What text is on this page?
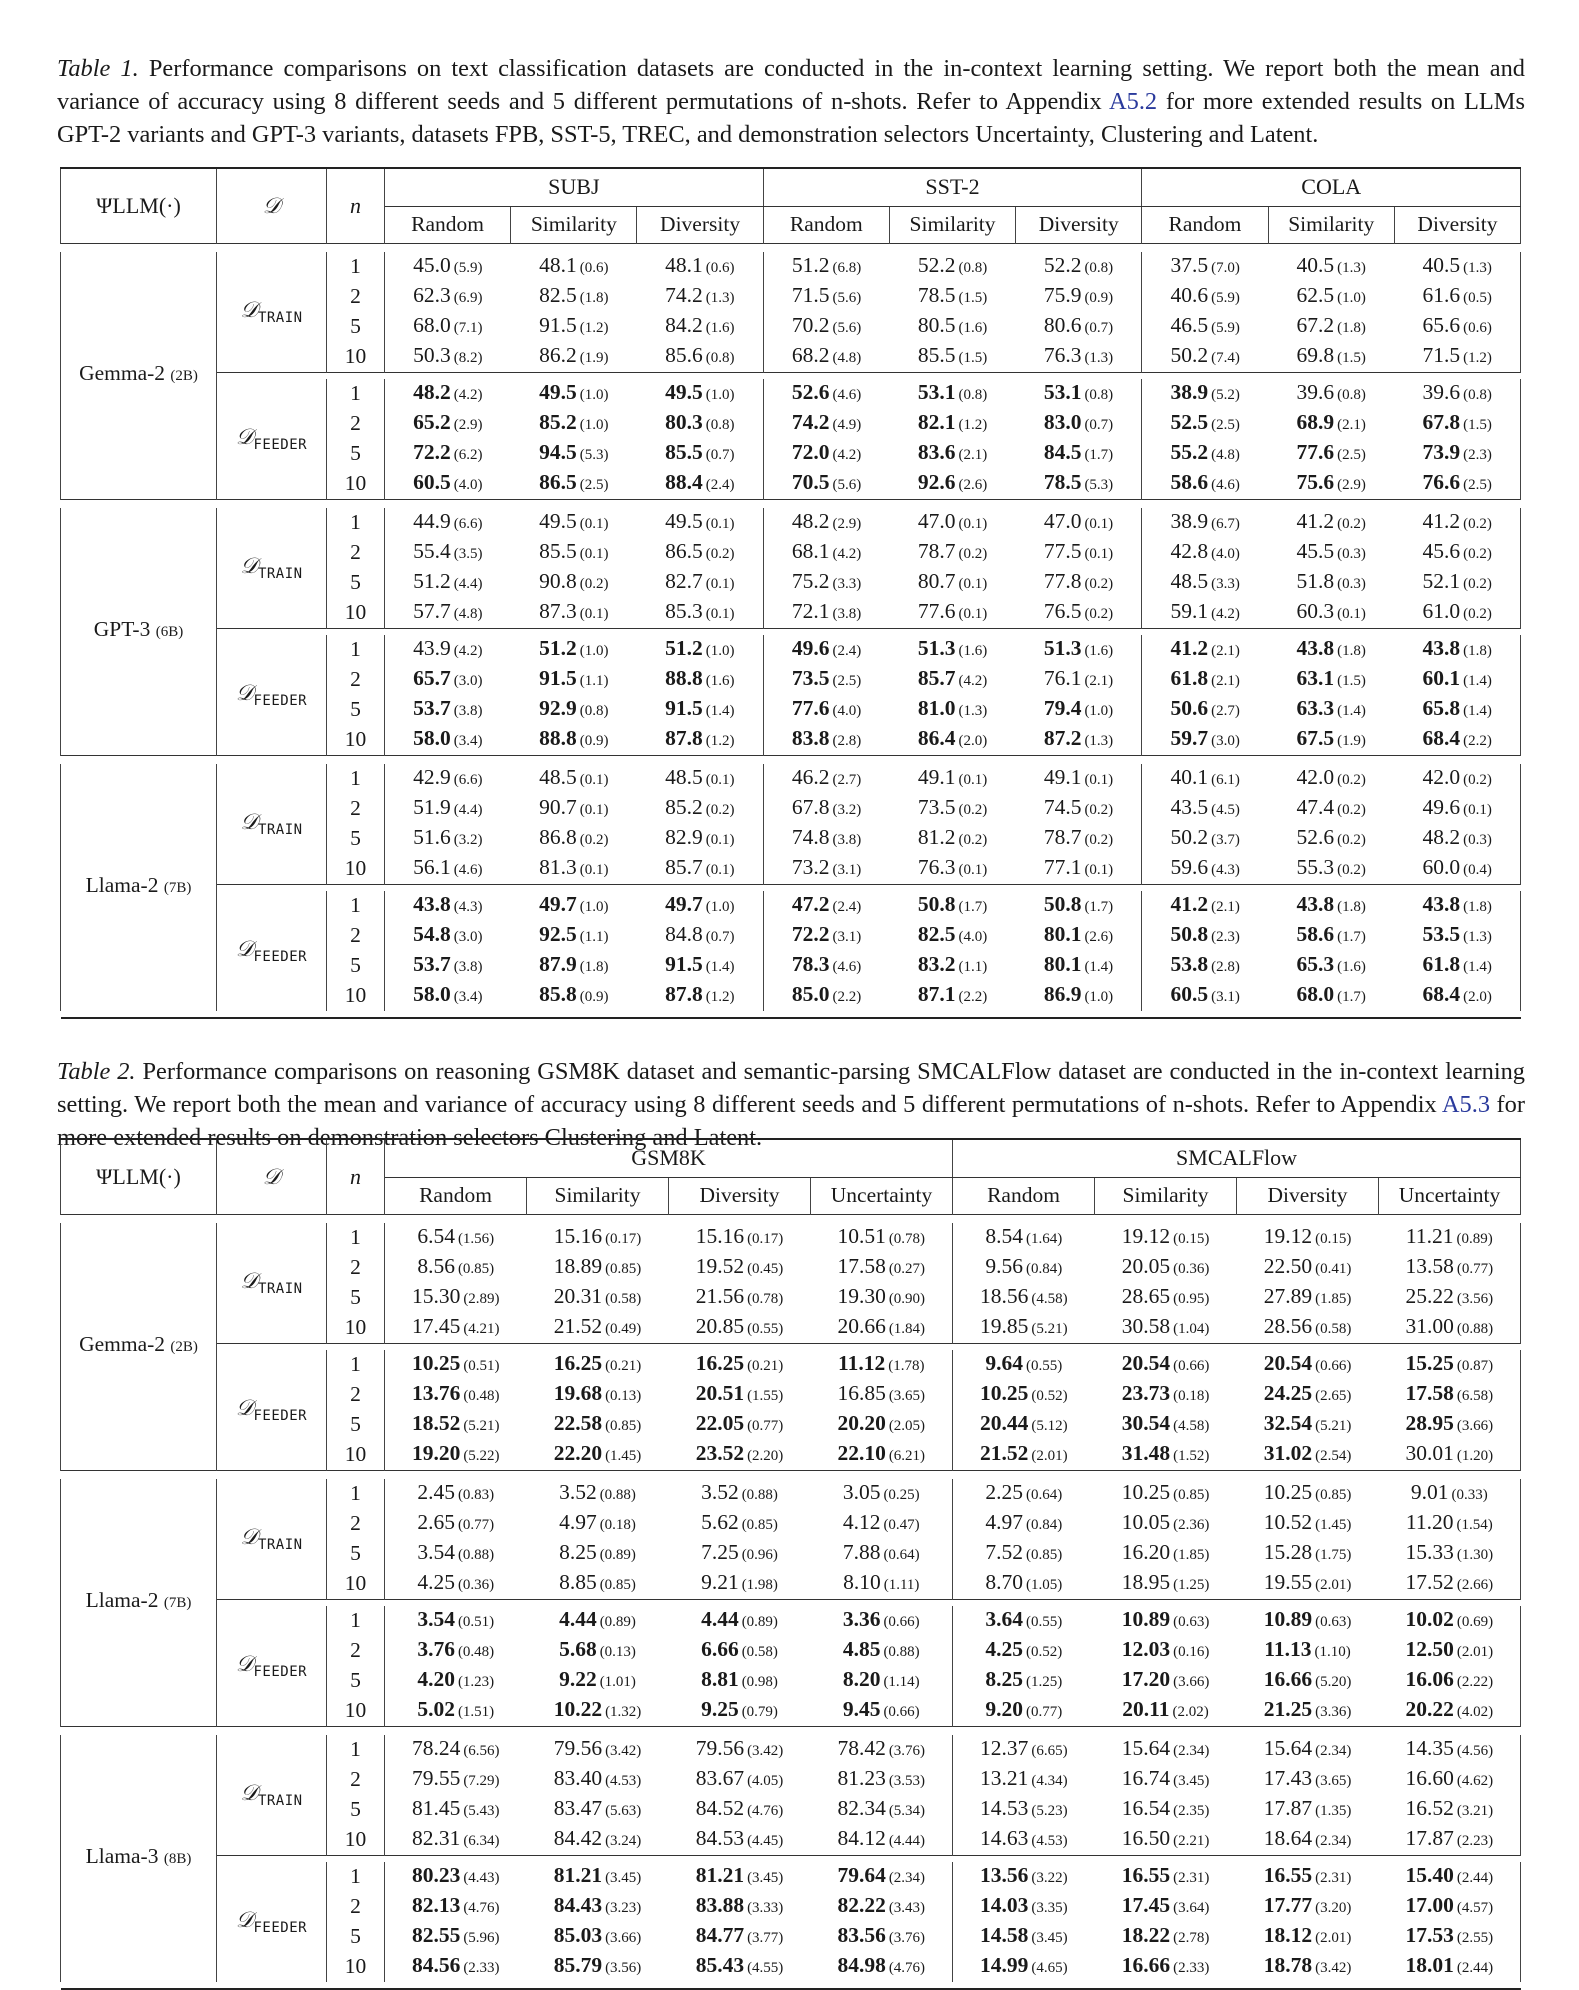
Table 1. Performance comparisons on text classification datasets are conducted in the in-context learning setting. We report both the mean and variance of accuracy using 8 different seeds and 5 different permutations of n-shots. Refer to Appendix A5.2 for more extended results on LLMs GPT-2 variants and GPT-3 variants, datasets FPB, SST-5, TREC, and demonstration selectors Uncertainty, Clustering and Latent.

ΨLLM(·)	𝒟	n	SUBJ			SST-2			COLA		
			Random	Similarity	Diversity	Random	Similarity	Diversity	Random	Similarity	Diversity

Gemma-2 (2B)	𝒟$_{TRAIN}$	1	45.0 (5.9)	48.1 (0.6)	48.1 (0.6)	51.2 (6.8)	52.2 (0.8)	52.2 (0.8)	37.5 (7.0)	40.5 (1.3)	40.5 (1.3)
		2	62.3 (6.9)	82.5 (1.8)	74.2 (1.3)	71.5 (5.6)	78.5 (1.5)	75.9 (0.9)	40.6 (5.9)	62.5 (1.0)	61.6 (0.5)
		5	68.0 (7.1)	91.5 (1.2)	84.2 (1.6)	70.2 (5.6)	80.5 (1.6)	80.6 (0.7)	46.5 (5.9)	67.2 (1.8)	65.6 (0.6)
		10	50.3 (8.2)	86.2 (1.9)	85.6 (0.8)	68.2 (4.8)	85.5 (1.5)	76.3 (1.3)	50.2 (7.4)	69.8 (1.5)	71.5 (1.2)

	𝒟$_{FEEDER}$	1	48.2 (4.2)	49.5 (1.0)	49.5 (1.0)	52.6 (4.6)	53.1 (0.8)	53.1 (0.8)	38.9 (5.2)	39.6 (0.8)	39.6 (0.8)
		2	65.2 (2.9)	85.2 (1.0)	80.3 (0.8)	74.2 (4.9)	82.1 (1.2)	83.0 (0.7)	52.5 (2.5)	68.9 (2.1)	67.8 (1.5)
		5	72.2 (6.2)	94.5 (5.3)	85.5 (0.7)	72.0 (4.2)	83.6 (2.1)	84.5 (1.7)	55.2 (4.8)	77.6 (2.5)	73.9 (2.3)
		10	60.5 (4.0)	86.5 (2.5)	88.4 (2.4)	70.5 (5.6)	92.6 (2.6)	78.5 (5.3)	58.6 (4.6)	75.6 (2.9)	76.6 (2.5)

GPT-3 (6B)	𝒟$_{TRAIN}$	1	44.9 (6.6)	49.5 (0.1)	49.5 (0.1)	48.2 (2.9)	47.0 (0.1)	47.0 (0.1)	38.9 (6.7)	41.2 (0.2)	41.2 (0.2)
		2	55.4 (3.5)	85.5 (0.1)	86.5 (0.2)	68.1 (4.2)	78.7 (0.2)	77.5 (0.1)	42.8 (4.0)	45.5 (0.3)	45.6 (0.2)
		5	51.2 (4.4)	90.8 (0.2)	82.7 (0.1)	75.2 (3.3)	80.7 (0.1)	77.8 (0.2)	48.5 (3.3)	51.8 (0.3)	52.1 (0.2)
		10	57.7 (4.8)	87.3 (0.1)	85.3 (0.1)	72.1 (3.8)	77.6 (0.1)	76.5 (0.2)	59.1 (4.2)	60.3 (0.1)	61.0 (0.2)

	𝒟$_{FEEDER}$	1	43.9 (4.2)	51.2 (1.0)	51.2 (1.0)	49.6 (2.4)	51.3 (1.6)	51.3 (1.6)	41.2 (2.1)	43.8 (1.8)	43.8 (1.8)
		2	65.7 (3.0)	91.5 (1.1)	88.8 (1.6)	73.5 (2.5)	85.7 (4.2)	76.1 (2.1)	61.8 (2.1)	63.1 (1.5)	60.1 (1.4)
		5	53.7 (3.8)	92.9 (0.8)	91.5 (1.4)	77.6 (4.0)	81.0 (1.3)	79.4 (1.0)	50.6 (2.7)	63.3 (1.4)	65.8 (1.4)
		10	58.0 (3.4)	88.8 (0.9)	87.8 (1.2)	83.8 (2.8)	86.4 (2.0)	87.2 (1.3)	59.7 (3.0)	67.5 (1.9)	68.4 (2.2)

Llama-2 (7B)	𝒟$_{TRAIN}$	1	42.9 (6.6)	48.5 (0.1)	48.5 (0.1)	46.2 (2.7)	49.1 (0.1)	49.1 (0.1)	40.1 (6.1)	42.0 (0.2)	42.0 (0.2)
		2	51.9 (4.4)	90.7 (0.1)	85.2 (0.2)	67.8 (3.2)	73.5 (0.2)	74.5 (0.2)	43.5 (4.5)	47.4 (0.2)	49.6 (0.1)
		5	51.6 (3.2)	86.8 (0.2)	82.9 (0.1)	74.8 (3.8)	81.2 (0.2)	78.7 (0.2)	50.2 (3.7)	52.6 (0.2)	48.2 (0.3)
		10	56.1 (4.6)	81.3 (0.1)	85.7 (0.1)	73.2 (3.1)	76.3 (0.1)	77.1 (0.1)	59.6 (4.3)	55.3 (0.2)	60.0 (0.4)

	𝒟$_{FEEDER}$	1	43.8 (4.3)	49.7 (1.0)	49.7 (1.0)	47.2 (2.4)	50.8 (1.7)	50.8 (1.7)	41.2 (2.1)	43.8 (1.8)	43.8 (1.8)
		2	54.8 (3.0)	92.5 (1.1)	84.8 (0.7)	72.2 (3.1)	82.5 (4.0)	80.1 (2.6)	50.8 (2.3)	58.6 (1.7)	53.5 (1.3)
		5	53.7 (3.8)	87.9 (1.8)	91.5 (1.4)	78.3 (4.6)	83.2 (1.1)	80.1 (1.4)	53.8 (2.8)	65.3 (1.6)	61.8 (1.4)
		10	58.0 (3.4)	85.8 (0.9)	87.8 (1.2)	85.0 (2.2)	87.1 (2.2)	86.9 (1.0)	60.5 (3.1)	68.0 (1.7)	68.4 (2.0)

Table 2. Performance comparisons on reasoning GSM8K dataset and semantic-parsing SMCALFlow dataset are conducted in the in-context learning setting. We report both the mean and variance of accuracy using 8 different seeds and 5 different permutations of n-shots. Refer to Appendix A5.3 for more extended results on demonstration selectors Clustering and Latent.

ΨLLM(·)	𝒟	n	GSM8K				SMCALFlow			
			Random	Similarity	Diversity	Uncertainty	Random	Similarity	Diversity	Uncertainty

Gemma-2 (2B)	𝒟$_{TRAIN}$	1	6.54 (1.56)	15.16 (0.17)	15.16 (0.17)	10.51 (0.78)	8.54 (1.64)	19.12 (0.15)	19.12 (0.15)	11.21 (0.89)
		2	8.56 (0.85)	18.89 (0.85)	19.52 (0.45)	17.58 (0.27)	9.56 (0.84)	20.05 (0.36)	22.50 (0.41)	13.58 (0.77)
		5	15.30 (2.89)	20.31 (0.58)	21.56 (0.78)	19.30 (0.90)	18.56 (4.58)	28.65 (0.95)	27.89 (1.85)	25.22 (3.56)
		10	17.45 (4.21)	21.52 (0.49)	20.85 (0.55)	20.66 (1.84)	19.85 (5.21)	30.58 (1.04)	28.56 (0.58)	31.00 (0.88)

	𝒟$_{FEEDER}$	1	10.25 (0.51)	16.25 (0.21)	16.25 (0.21)	11.12 (1.78)	9.64 (0.55)	20.54 (0.66)	20.54 (0.66)	15.25 (0.87)
		2	13.76 (0.48)	19.68 (0.13)	20.51 (1.55)	16.85 (3.65)	10.25 (0.52)	23.73 (0.18)	24.25 (2.65)	17.58 (6.58)
		5	18.52 (5.21)	22.58 (0.85)	22.05 (0.77)	20.20 (2.05)	20.44 (5.12)	30.54 (4.58)	32.54 (5.21)	28.95 (3.66)
		10	19.20 (5.22)	22.20 (1.45)	23.52 (2.20)	22.10 (6.21)	21.52 (2.01)	31.48 (1.52)	31.02 (2.54)	30.01 (1.20)

Llama-2 (7B)	𝒟$_{TRAIN}$	1	2.45 (0.83)	3.52 (0.88)	3.52 (0.88)	3.05 (0.25)	2.25 (0.64)	10.25 (0.85)	10.25 (0.85)	9.01 (0.33)
		2	2.65 (0.77)	4.97 (0.18)	5.62 (0.85)	4.12 (0.47)	4.97 (0.84)	10.05 (2.36)	10.52 (1.45)	11.20 (1.54)
		5	3.54 (0.88)	8.25 (0.89)	7.25 (0.96)	7.88 (0.64)	7.52 (0.85)	16.20 (1.85)	15.28 (1.75)	15.33 (1.30)
		10	4.25 (0.36)	8.85 (0.85)	9.21 (1.98)	8.10 (1.11)	8.70 (1.05)	18.95 (1.25)	19.55 (2.01)	17.52 (2.66)

	𝒟$_{FEEDER}$	1	3.54 (0.51)	4.44 (0.89)	4.44 (0.89)	3.36 (0.66)	3.64 (0.55)	10.89 (0.63)	10.89 (0.63)	10.02 (0.69)
		2	3.76 (0.48)	5.68 (0.13)	6.66 (0.58)	4.85 (0.88)	4.25 (0.52)	12.03 (0.16)	11.13 (1.10)	12.50 (2.01)
		5	4.20 (1.23)	9.22 (1.01)	8.81 (0.98)	8.20 (1.14)	8.25 (1.25)	17.20 (3.66)	16.66 (5.20)	16.06 (2.22)
		10	5.02 (1.51)	10.22 (1.32)	9.25 (0.79)	9.45 (0.66)	9.20 (0.77)	20.11 (2.02)	21.25 (3.36)	20.22 (4.02)

Llama-3 (8B)	𝒟$_{TRAIN}$	1	78.24 (6.56)	79.56 (3.42)	79.56 (3.42)	78.42 (3.76)	12.37 (6.65)	15.64 (2.34)	15.64 (2.34)	14.35 (4.56)
		2	79.55 (7.29)	83.40 (4.53)	83.67 (4.05)	81.23 (3.53)	13.21 (4.34)	16.74 (3.45)	17.43 (3.65)	16.60 (4.62)
		5	81.45 (5.43)	83.47 (5.63)	84.52 (4.76)	82.34 (5.34)	14.53 (5.23)	16.54 (2.35)	17.87 (1.35)	16.52 (3.21)
		10	82.31 (6.34)	84.42 (3.24)	84.53 (4.45)	84.12 (4.44)	14.63 (4.53)	16.50 (2.21)	18.64 (2.34)	17.87 (2.23)

	𝒟$_{FEEDER}$	1	80.23 (4.43)	81.21 (3.45)	81.21 (3.45)	79.64 (2.34)	13.56 (3.22)	16.55 (2.31)	16.55 (2.31)	15.40 (2.44)
		2	82.13 (4.76)	84.43 (3.23)	83.88 (3.33)	82.22 (3.43)	14.03 (3.35)	17.45 (3.64)	17.77 (3.20)	17.00 (4.57)
		5	82.55 (5.96)	85.03 (3.66)	84.77 (3.77)	83.56 (3.76)	14.58 (3.45)	18.22 (2.78)	18.12 (2.01)	17.53 (2.55)
		10	84.56 (2.33)	85.79 (3.56)	85.43 (4.55)	84.98 (4.76)	14.99 (4.65)	16.66 (2.33)	18.78 (3.42)	18.01 (2.44)
